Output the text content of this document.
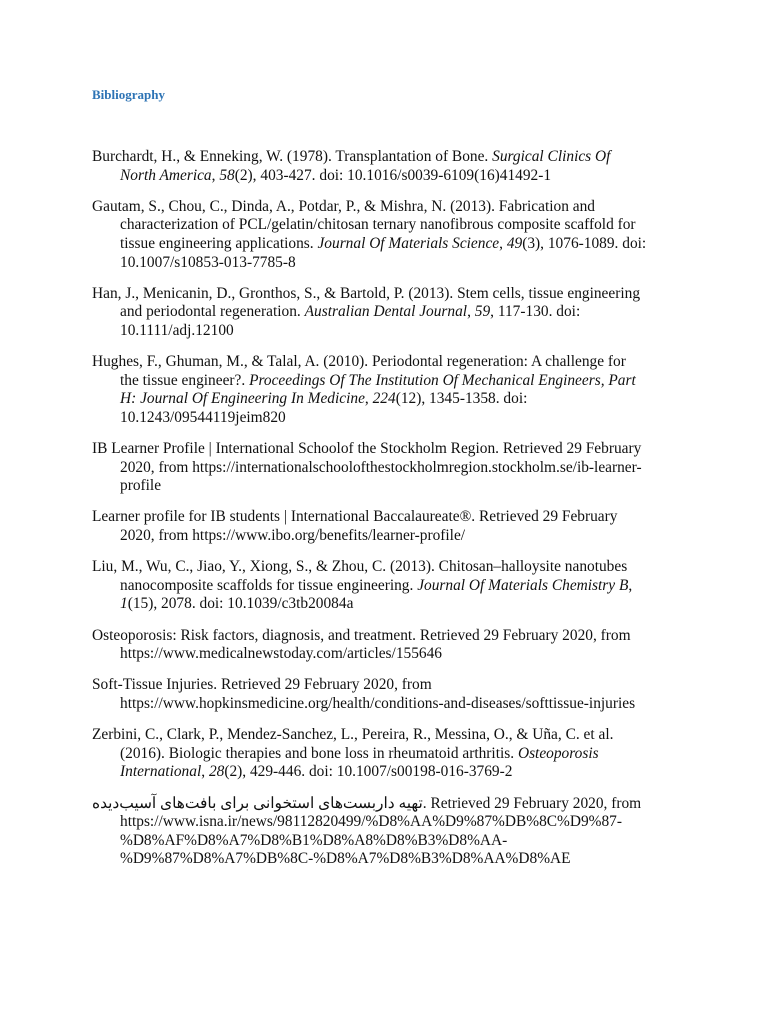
Bibliography
Burchardt, H., & Enneking, W. (1978). Transplantation of Bone. Surgical Clinics Of North America, 58(2), 403-427. doi: 10.1016/s0039-6109(16)41492-1
Gautam, S., Chou, C., Dinda, A., Potdar, P., & Mishra, N. (2013). Fabrication and characterization of PCL/gelatin/chitosan ternary nanofibrous composite scaffold for tissue engineering applications. Journal Of Materials Science, 49(3), 1076-1089. doi: 10.1007/s10853-013-7785-8
Han, J., Menicanin, D., Gronthos, S., & Bartold, P. (2013). Stem cells, tissue engineering and periodontal regeneration. Australian Dental Journal, 59, 117-130. doi: 10.1111/adj.12100
Hughes, F., Ghuman, M., & Talal, A. (2010). Periodontal regeneration: A challenge for the tissue engineer?. Proceedings Of The Institution Of Mechanical Engineers, Part H: Journal Of Engineering In Medicine, 224(12), 1345-1358. doi: 10.1243/09544119jeim820
IB Learner Profile | International Schoolof the Stockholm Region. Retrieved 29 February 2020, from https://internationalschoolofthestockholmregion.stockholm.se/ib-learner-profile
Learner profile for IB students | International Baccalaureate®. Retrieved 29 February 2020, from https://www.ibo.org/benefits/learner-profile/
Liu, M., Wu, C., Jiao, Y., Xiong, S., & Zhou, C. (2013). Chitosan–halloysite nanotubes nanocomposite scaffolds for tissue engineering. Journal Of Materials Chemistry B, 1(15), 2078. doi: 10.1039/c3tb20084a
Osteoporosis: Risk factors, diagnosis, and treatment. Retrieved 29 February 2020, from https://www.medicalnewstoday.com/articles/155646
Soft-Tissue Injuries. Retrieved 29 February 2020, from https://www.hopkinsmedicine.org/health/conditions-and-diseases/softtissue-injuries
Zerbini, C., Clark, P., Mendez-Sanchez, L., Pereira, R., Messina, O., & Uña, C. et al. (2016). Biologic therapies and bone loss in rheumatoid arthritis. Osteoporosis International, 28(2), 429-446. doi: 10.1007/s00198-016-3769-2
تهیه داربست‌های استخوانی برای بافت‌های آسیب‌دیده. Retrieved 29 February 2020, from https://www.isna.ir/news/98112820499/%D8%AA%D9%87%DB%8C%D9%87-%D8%AF%D8%A7%D8%B1%D8%A8%D8%B3%D8%AA-%D9%87%D8%A7%DB%8C-%D8%A7%D8%B3%D8%AA%D8%AE
